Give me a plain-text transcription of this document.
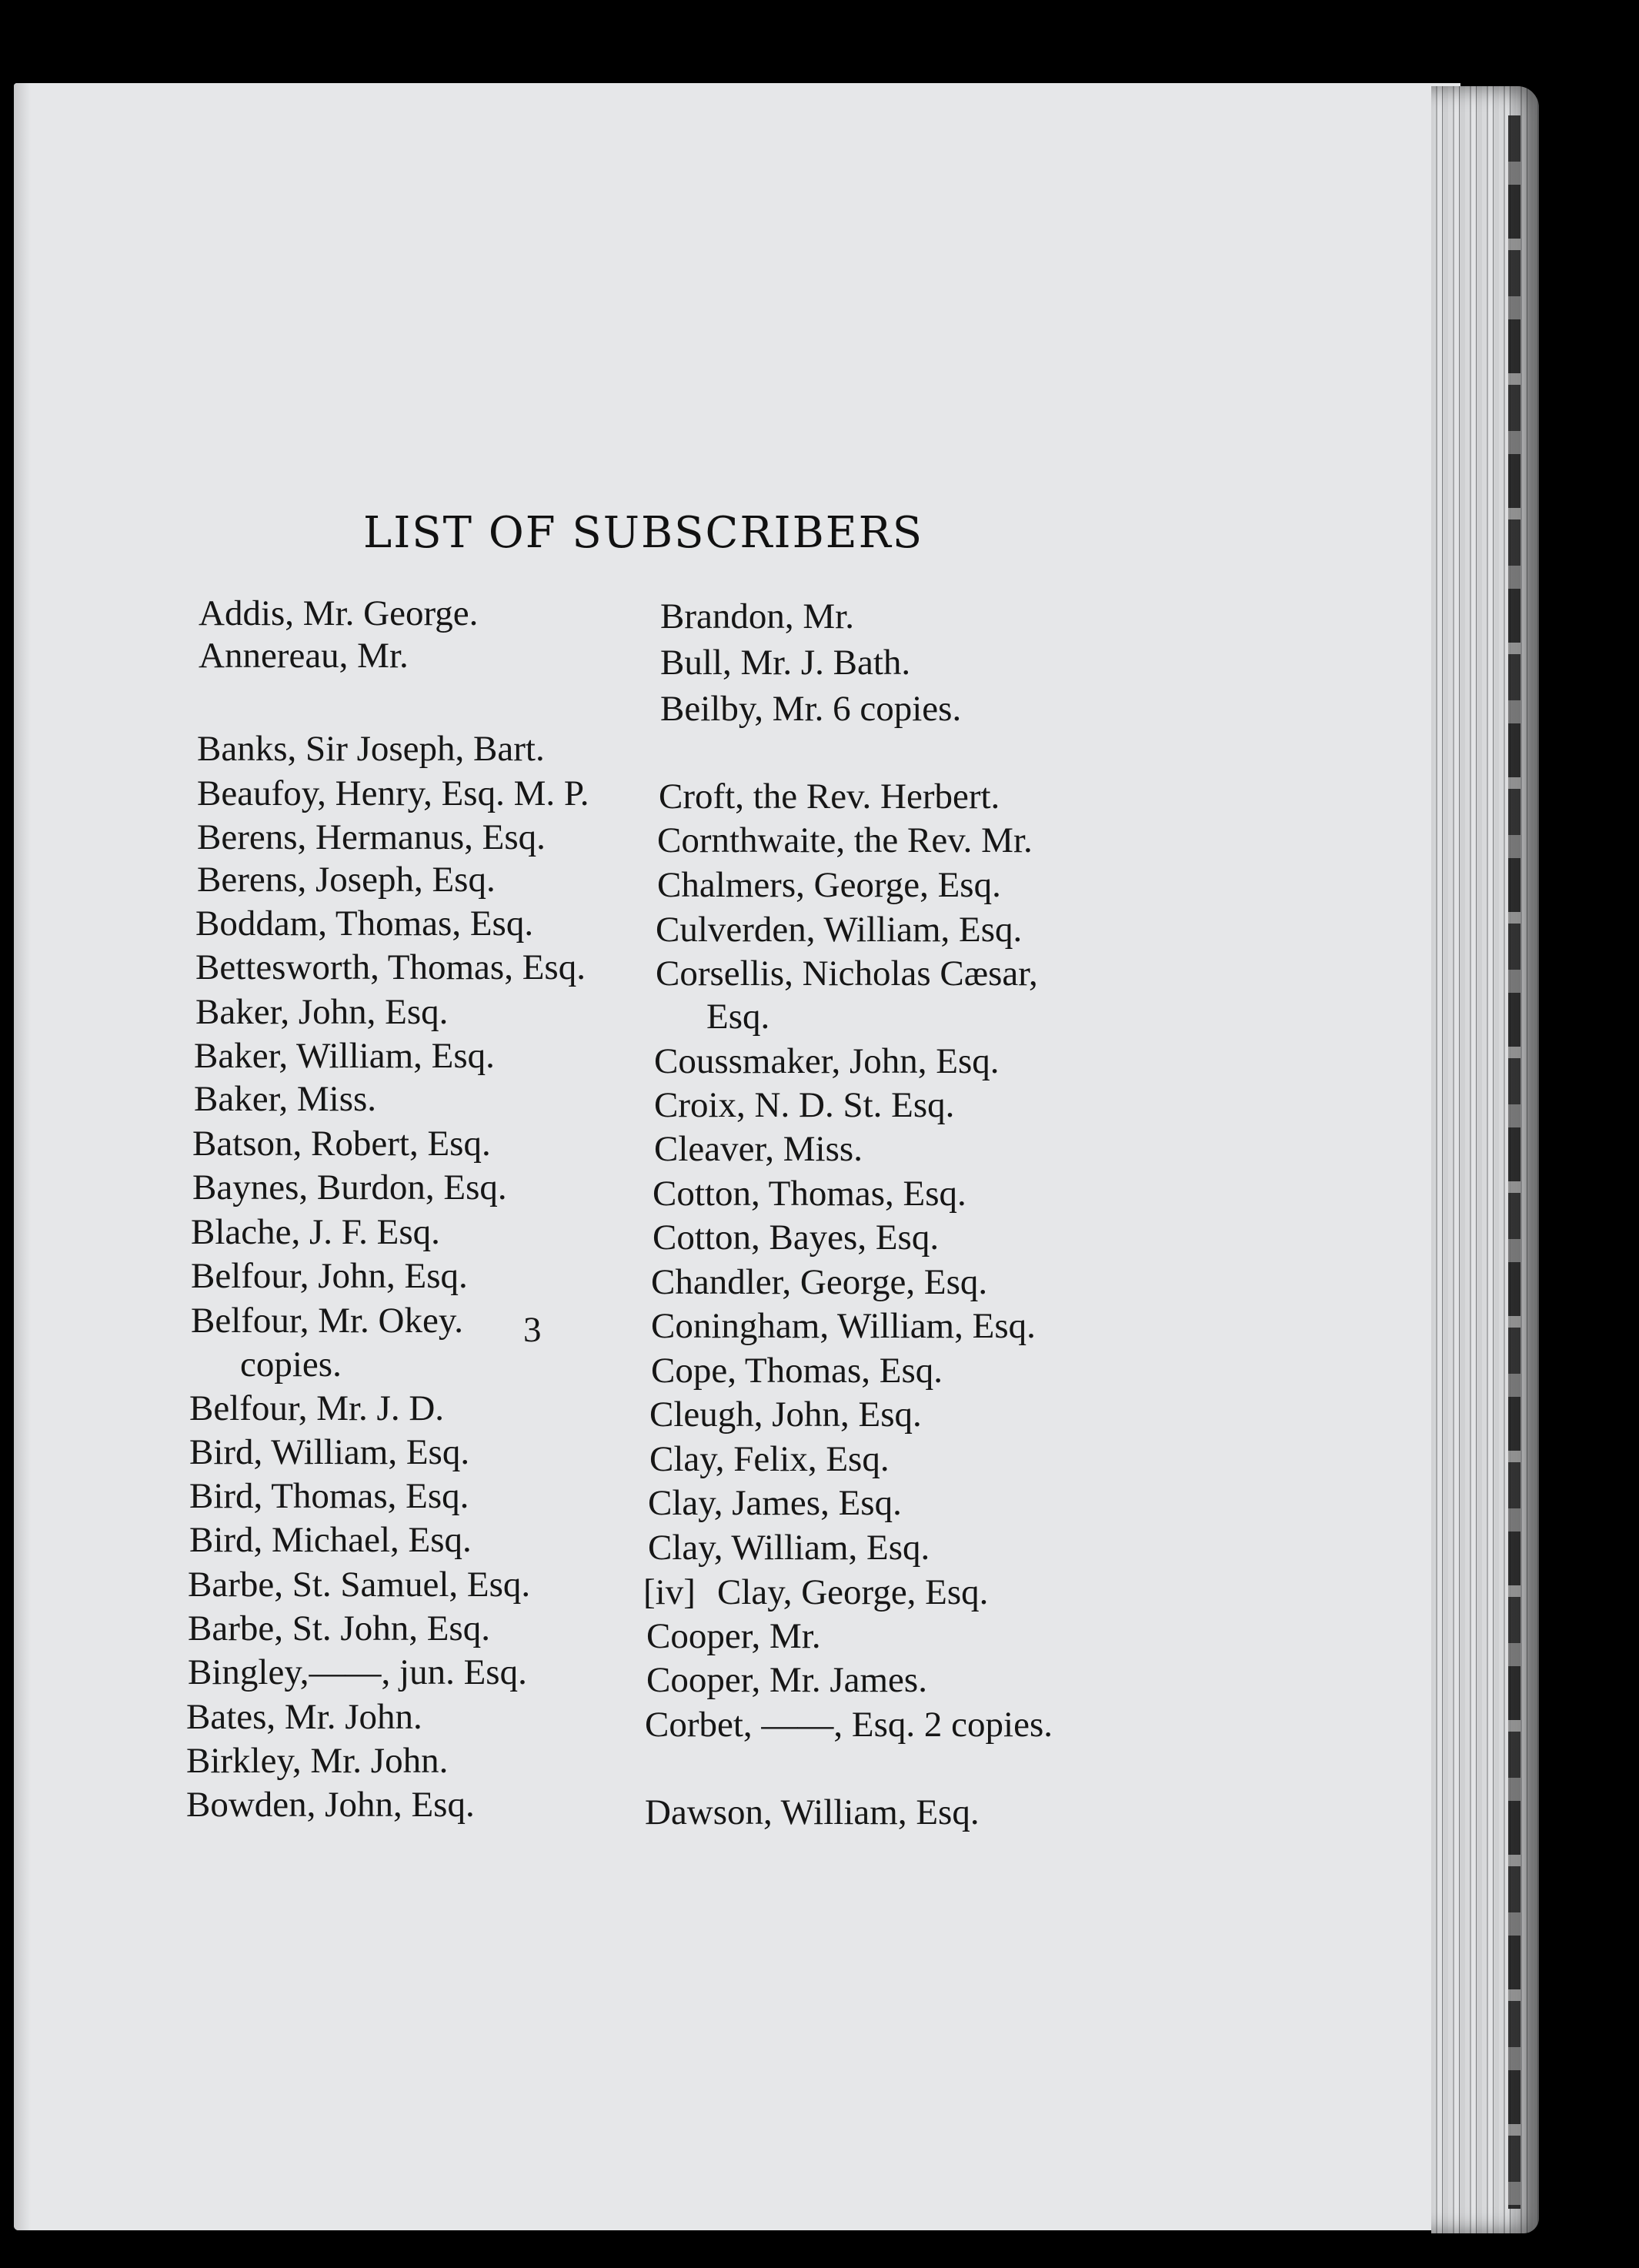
LIST OF SUBSCRIBERS
Addis, Mr. George.
Annereau, Mr.
Banks, Sir Joseph, Bart.
Beaufoy, Henry, Esq. M. P.
Berens, Hermanus, Esq.
Berens, Joseph, Esq.
Boddam, Thomas, Esq.
Bettesworth, Thomas, Esq.
Baker, John, Esq.
Baker, William, Esq.
Baker, Miss.
Batson, Robert, Esq.
Baynes, Burdon, Esq.
Blache, J. F. Esq.
Belfour, John, Esq.
Belfour, Mr. Okey. 3
copies.
Belfour, Mr. J. D.
Bird, William, Esq.
Bird, Thomas, Esq.
Bird, Michael, Esq.
Barbe, St. Samuel, Esq.
Barbe, St. John, Esq.
Bingley,——, jun. Esq.
Bates, Mr. John.
Birkley, Mr. John.
Bowden, John, Esq.
Brandon, Mr.
Bull, Mr. J. Bath.
Beilby, Mr. 6 copies.
Croft, the Rev. Herbert.
Cornthwaite, the Rev. Mr.
Chalmers, George, Esq.
Culverden, William, Esq.
Corsellis, Nicholas Cæsar,
Esq.
Coussmaker, John, Esq.
Croix, N. D. St. Esq.
Cleaver, Miss.
Cotton, Thomas, Esq.
Cotton, Bayes, Esq.
Chandler, George, Esq.
Coningham, William, Esq.
Cope, Thomas, Esq.
Cleugh, John, Esq.
Clay, Felix, Esq.
Clay, James, Esq.
Clay, William, Esq.
[iv] Clay, George, Esq.
Cooper, Mr.
Cooper, Mr. James.
Corbet, ——, Esq. 2 copies.
Dawson, William, Esq.
